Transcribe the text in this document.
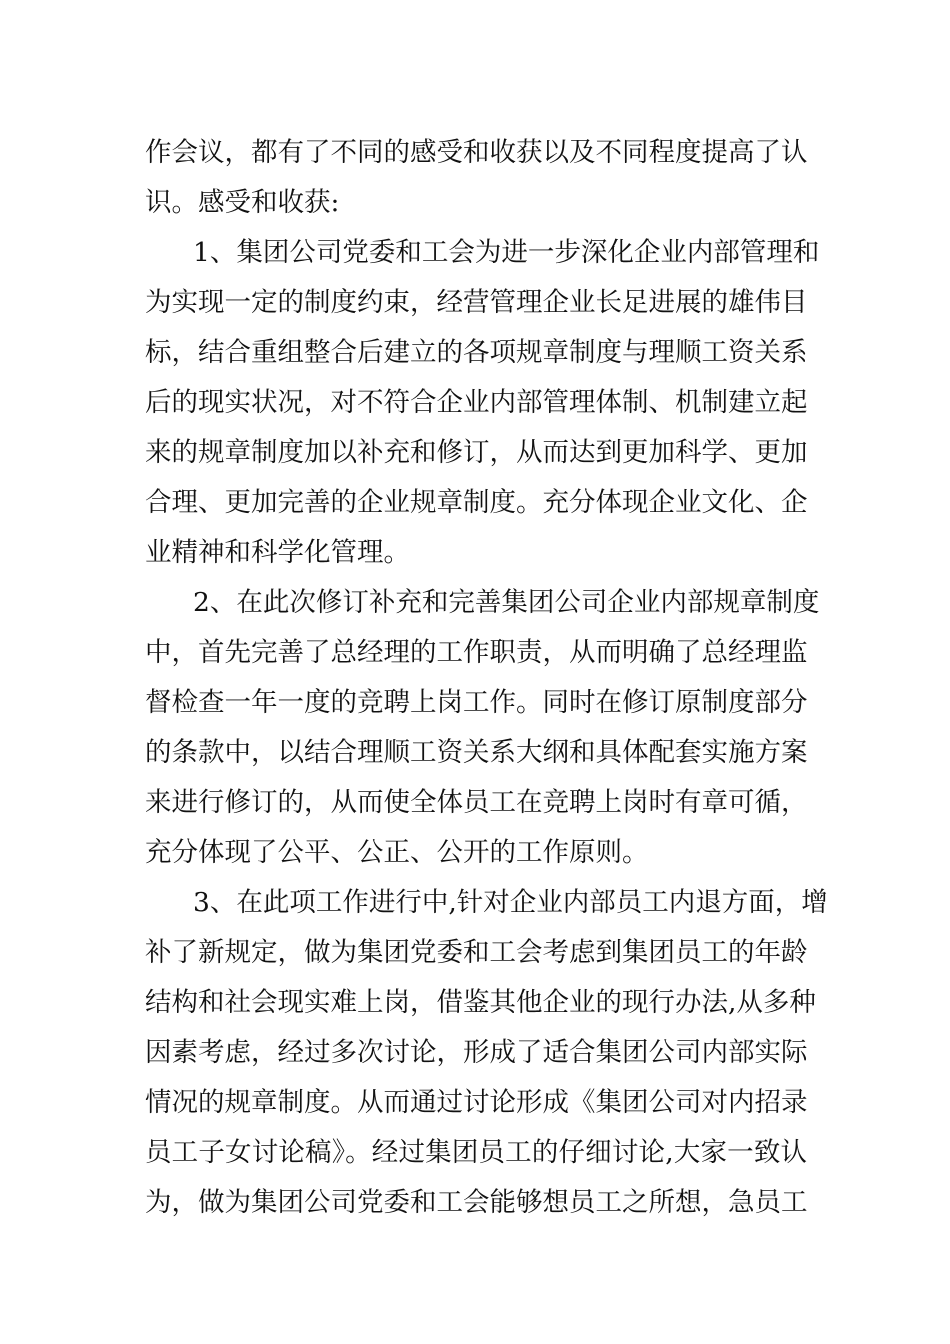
作会议，都有了不同的感受和收获以及不同程度提高了认
识。感受和收获:
1、集团公司党委和工会为进一步深化企业内部管理和
为实现一定的制度约束，经营管理企业长足进展的雄伟目
标，结合重组整合后建立的各项规章制度与理顺工资关系
后的现实状况，对不符合企业内部管理体制、机制建立起
来的规章制度加以补充和修订，从而达到更加科学、更加
合理、更加完善的企业规章制度。充分体现企业文化、企
业精神和科学化管理。
2、在此次修订补充和完善集团公司企业内部规章制度
中，首先完善了总经理的工作职责，从而明确了总经理监
督检查一年一度的竞聘上岗工作。同时在修订原制度部分
的条款中，以结合理顺工资关系大纲和具体配套实施方案
来进行修订的，从而使全体员工在竞聘上岗时有章可循，
充分体现了公平、公正、公开的工作原则。
3、在此项工作进行中,针对企业内部员工内退方面，增
补了新规定，做为集团党委和工会考虑到集团员工的年龄
结构和社会现实难上岗，借鉴其他企业的现行办法,从多种
因素考虑，经过多次讨论，形成了适合集团公司内部实际
情况的规章制度。从而通过讨论形成《集团公司对内招录
员工子女讨论稿》。经过集团员工的仔细讨论,大家一致认
为，做为集团公司党委和工会能够想员工之所想，急员工
